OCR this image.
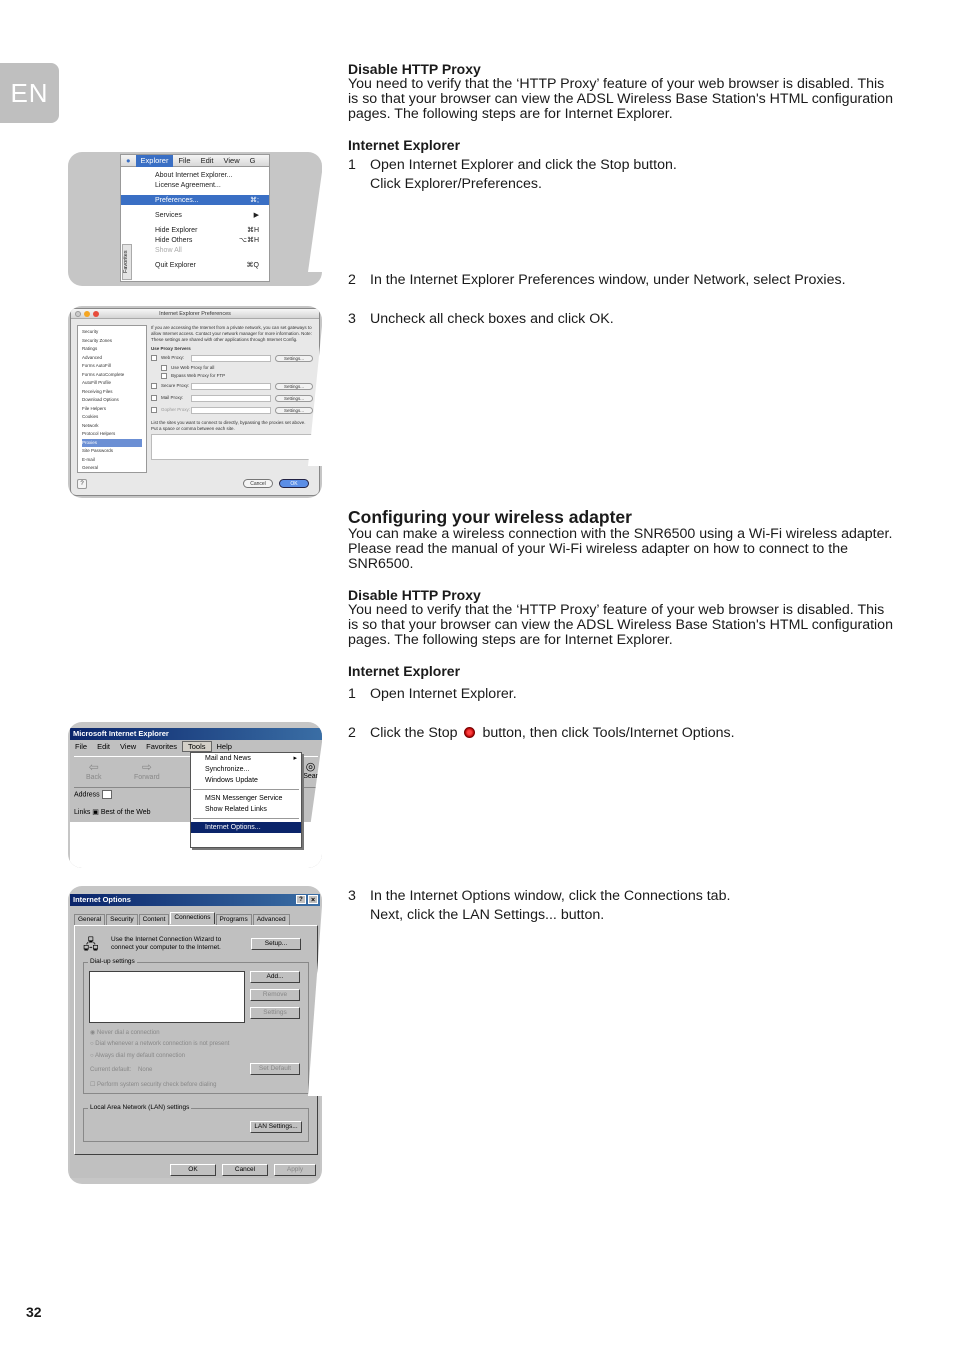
EN
32
Disable HTTP Proxy
You need to verify that the ‘HTTP Proxy’ feature of your web browser is disabled. This is so that your browser can view the ADSL Wireless Base Station's HTML configuration pages. The following steps are for Internet Explorer.
Internet Explorer
1 Open Internet Explorer and click the Stop button.
Click Explorer/Preferences.
2 In the Internet Explorer Preferences window, under Network, select Proxies.
3 Uncheck all check boxes and click OK.
Configuring your wireless adapter
You can make a wireless connection with the SNR6500 using a Wi-Fi wireless adapter. Please read the manual of your Wi-Fi wireless adapter on how to connect to the SNR6500.
Disable HTTP Proxy
You need to verify that the ‘HTTP Proxy’ feature of your web browser is disabled. This is so that your browser can view the ADSL Wireless Base Station's HTML configuration pages. The following steps are for Internet Explorer.
Internet Explorer
1 Open Internet Explorer.
2 Click the Stop button, then click Tools/Internet Options.
3 In the Internet Options window, click the Connections tab.
Next, click the LAN Settings... button.
●	Explorer	File	Edit	View	G
About Internet Explorer...
License Agreement...
Preferences...	⌘;
Services	▶
Hide Explorer	⌘H
Hide Others	⌥⌘H
Show All
Quit Explorer	⌘Q
Favorites
Internet Explorer Preferences
Security
Security Zones
Ratings
Advanced
Forms AutoFill
Forms AutoComplete
AutoFill Profile
Receiving Files
Download Options
File Helpers
Cookies
Network
Protocol Helpers
Proxies
Site Passwords
E-mail
General
If you are accessing the Internet from a private network, you can set gateways to allow Internet access. Contact your network manager for more information. Note: These settings are shared with other applications through Internet Config.
Use Proxy Servers
Web Proxy:	Settings...
Use Web Proxy for all
Bypass Web Proxy for FTP
Secure Proxy:	Settings...
Mail Proxy:	Settings...
Gopher Proxy:	Settings...
List the sites you want to connect to directly, bypassing the proxies set above. Put a space or comma between each site.
?	Cancel	OK
Microsoft Internet Explorer
File	Edit	View	Favorites	Tools	Help
⇦
Back
⇨
Forward
◎
Sear
Address
Links ▣ Best of the Web
Mail and News	▸
Synchronize...
Windows Update
MSN Messenger Service
Show Related Links
Internet Options...
Internet Options	?	×
General	Security	Content	Connections	Programs	Advanced
🖧 Use the Internet Connection Wizard to connect your computer to the Internet.
Setup...
Dial-up settings
Add...
Remove
Settings
◉ Never dial a connection
○ Dial whenever a network connection is not present
○ Always dial my default connection
Current default: None	Set Default
☐ Perform system security check before dialing
Local Area Network (LAN) settings
LAN Settings...
OK	Cancel	Apply
